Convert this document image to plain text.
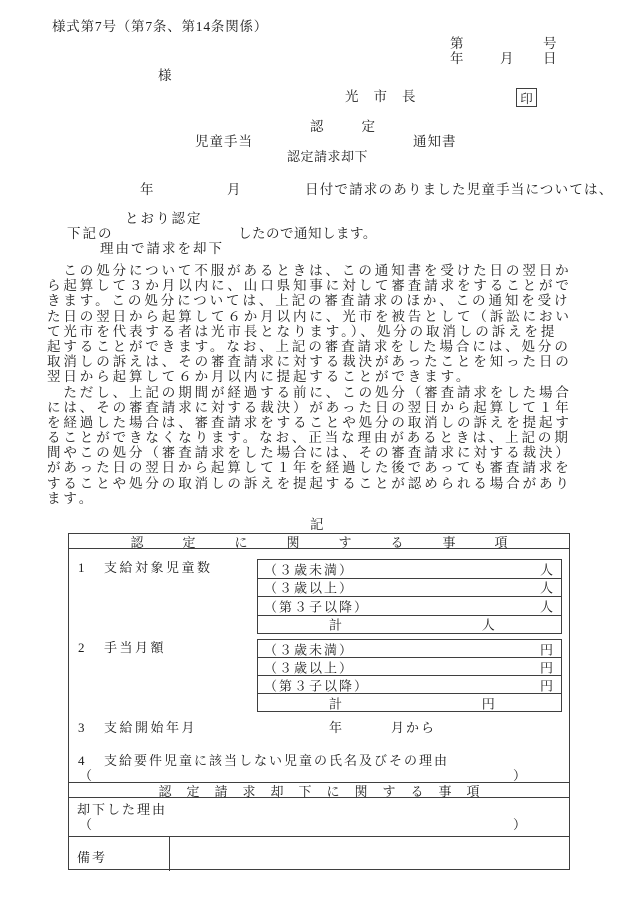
様式第7号（第7条、第14条関係）
第	号
年	月 日
様
光市長	印
認定
児童手当	通知書
認定請求却下
年	月	日付で請求のありました児童手当については、
とおり認定
下記の	したので通知します。
理由で請求を却下
　この処分について不服があるときは、この通知書を受けた日の翌日か
ら起算して３か月以内に、山口県知事に対して審査請求をすることがで
きます。この処分については、上記の審査請求のほか、この通知を受け
た日の翌日から起算して６か月以内に、光市を被告として（訴訟におい
て光市を代表する者は光市長となります。）、処分の取消しの訴えを提
起することができます。なお、上記の審査請求をした場合には、処分の
取消しの訴えは、その審査請求に対する裁決があったことを知った日の
翌日から起算して６か月以内に提起することができます。
　ただし、上記の期間が経過する前に、この処分（審査請求をした場合
には、その審査請求に対する裁決）があった日の翌日から起算して１年
を経過した場合は、審査請求をすることや処分の取消しの訴えを提起す
ることができなくなります。なお、正当な理由があるときは、上記の期
間やこの処分（審査請求をした場合には、その審査請求に対する裁決）
があった日の翌日から起算して１年を経過した後であっても審査請求を
することや処分の取消しの訴えを提起することが認められる場合があり
ます。
記
認定に関する事項
1 支給対象児童数	（３歳未満）	人
（３歳以上）	人
（第３子以降）	人
計	人
2 手当月額	（３歳未満）	円
（３歳以上）	円
（第３子以降）	円
計	円
3 支給開始年月	年	月から
4 支給要件児童に該当しない児童の氏名及びその理由
（	）
認定請求却下に関する事項
却下した理由
（	）
備考
